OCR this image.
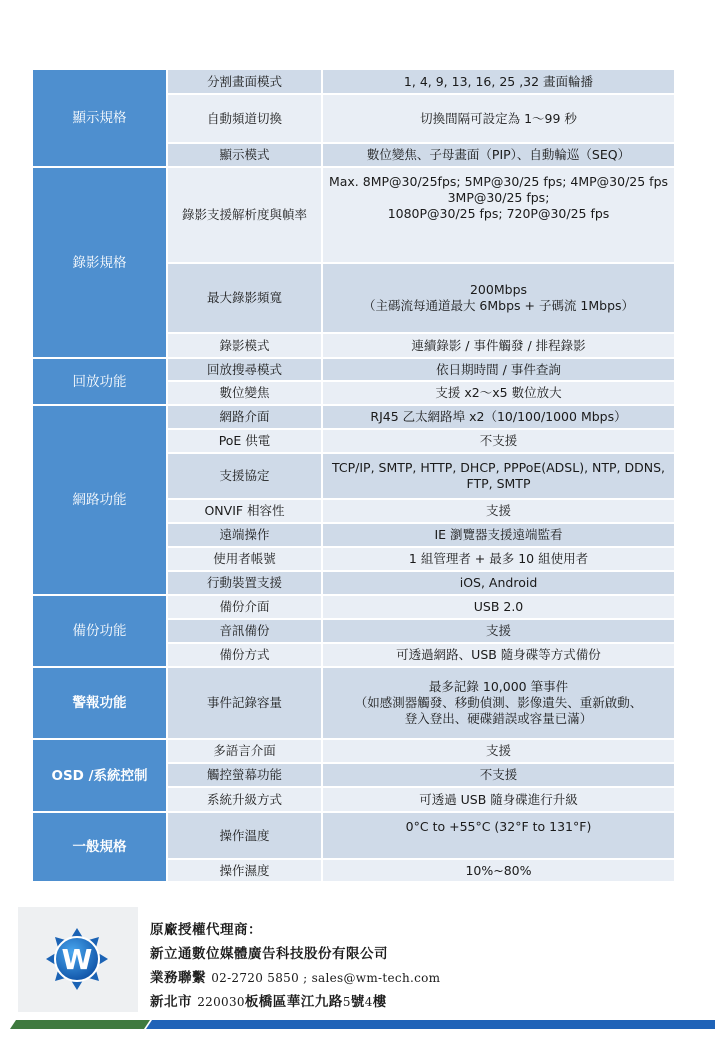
顯示規格	分割畫面模式	1, 4, 9, 13, 16, 25 ,32 畫面輪播
	自動頻道切換	切換間隔可設定為 1〜99 秒
	顯示模式	數位變焦、子母畫面（PIP）、自動輪巡（SEQ）
錄影規格	錄影支援解析度與幀率	Max. 8MP@30/25fps; 5MP@30/25 fps; 4MP@30/25 fps
3MP@30/25 fps;
1080P@30/25 fps; 720P@30/25 fps

	最大錄影頻寬	200Mbps
（主碼流每通道最大 6Mbps + 子碼流 1Mbps）

	錄影模式	連續錄影 / 事件觸發 / 排程錄影
回放功能	回放搜尋模式	依日期時間 / 事件查詢
	數位變焦	支援 x2〜x5 數位放大
網路功能	網路介面	RJ45 乙太網路埠 x2（10/100/1000 Mbps）
	PoE 供電	不支援
	支援協定	TCP/IP, SMTP, HTTP, DHCP, PPPoE(ADSL), NTP, DDNS,
FTP, SMTP

	ONVIF 相容性	支援
	遠端操作	IE 瀏覽器支援遠端監看
	使用者帳號	1 組管理者 + 最多 10 組使用者
	行動裝置支援	iOS, Android
備份功能	備份介面	USB 2.0
	音訊備份	支援
	備份方式	可透過網路、USB 隨身碟等方式備份
警報功能	事件記錄容量	最多記錄 10,000 筆事件
（如感測器觸發、移動偵測、影像遺失、重新啟動、
登入登出、硬碟錯誤或容量已滿）

OSD /系統控制	多語言介面	支援
	觸控螢幕功能	不支援
	系統升級方式	可透過 USB 隨身碟進行升級
一般規格	操作溫度	0°C to +55°C (32°F to 131°F)
	操作濕度	10%~80%
W
原廠授權代理商：
新立通數位媒體廣告科技股份有限公司
業務聯繫 02-2720 5850 ; sales@wm-tech.com
新北市 220030板橋區華江九路5號4樓
